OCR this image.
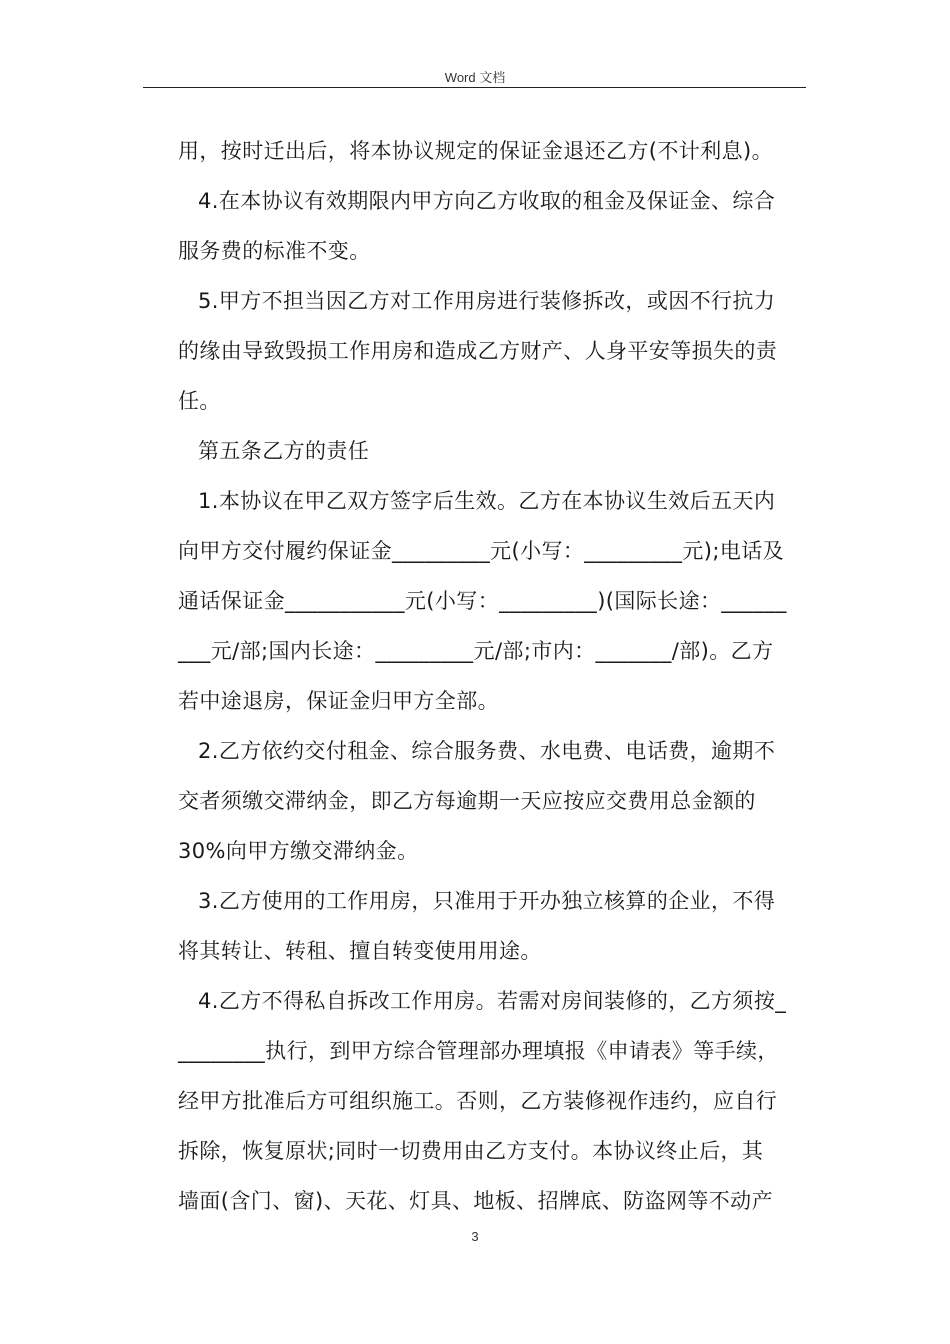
Word 文档

用，按时迁出后，将本协议规定的保证金退还乙方(不计利息)。

4.在本协议有效期限内甲方向乙方收取的租金及保证金、综合

服务费的标准不变。

5.甲方不担当因乙方对工作用房进行装修拆改，或因不行抗力

的缘由导致毁损工作用房和造成乙方财产、人身平安等损失的责

任。

第五条乙方的责任

1.本协议在甲乙双方签字后生效。乙方在本协议生效后五天内

向甲方交付履约保证金_________元(小写：_________元);电话及

通话保证金___________元(小写：_________)(国际长途：______

___元/部;国内长途：_________元/部;市内：_______/部)。乙方

若中途退房，保证金归甲方全部。

2.乙方依约交付租金、综合服务费、水电费、电话费，逾期不

交者须缴交滞纳金，即乙方每逾期一天应按应交费用总金额的

30%向甲方缴交滞纳金。

3.乙方使用的工作用房，只准用于开办独立核算的企业，不得

将其转让、转租、擅自转变使用用途。

4.乙方不得私自拆改工作用房。若需对房间装修的，乙方须按_

________执行，到甲方综合管理部办理填报《申请表》等手续，

经甲方批准后方可组织施工。否则，乙方装修视作违约，应自行

拆除，恢复原状;同时一切费用由乙方支付。本协议终止后，其

墙面(含门、窗)、天花、灯具、地板、招牌底、防盗网等不动产

3
